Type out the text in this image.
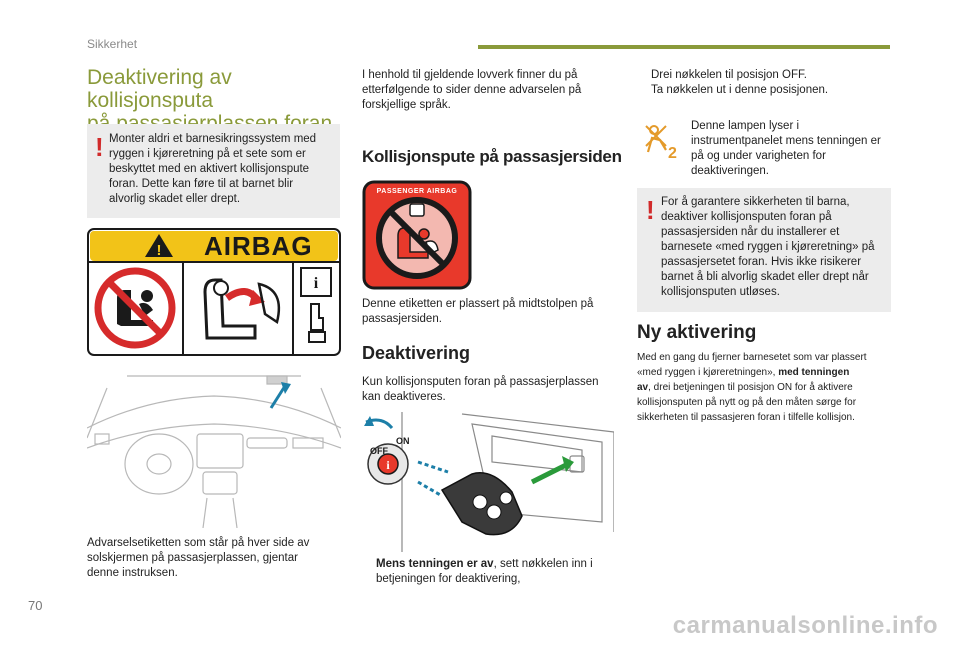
Sikkerhet
70
Deaktivering av kollisjonsputa
! Monter aldri et barnesikringssystem med ryggen i kjøreretning på et sete som er beskyttet med en aktivert kollisjonspute foran. Dette kan føre til at barnet blir alvorlig skadet eller drept.
!
i
AIRBAG
Advarselsetiketten som står på hver side av
solskjermen på passasjerplassen, gjentar
denne instruksen.
I henhold til gjeldende lovverk finner du på
etterfølgende to sider denne advarselen på
forskjellige språk.
Kollisjonspute på passasjersiden
PASSENGER AIRBAG
Denne etiketten er plassert på midtstolpen på
passasjersiden.
Deaktivering
Kun kollisjonsputen foran på passasjerplassen
kan deaktiveres.
i
OFF
ON
Mens tenningen er av, sett nøkkelen inn i
betjeningen for deaktivering,
Drei nøkkelen til posisjon OFF.
Ta nøkkelen ut i denne posisjonen.
2
Denne lampen lyser i instrumentpanelet mens tenningen er på og under varigheten for deaktiveringen.
! For å garantere sikkerheten til barna, deaktiver kollisjonsputen foran på passasjersiden når du installerer et barnesete «med ryggen i kjøreretning» på passasjersetet foran. Hvis ikke risikerer barnet å bli alvorlig skadet eller drept når kollisjonsputen utløses.
Ny aktivering
Med en gang du fjerner barnesetet som var plassert
«med ryggen i kjøreretningen», med tenningen
av, drei betjeningen til posisjon ON for å aktivere
kollisjonsputen på nytt og på den måten sørge for
sikkerheten til passasjeren foran i tilfelle kollisjon.
carmanualsonline.info
